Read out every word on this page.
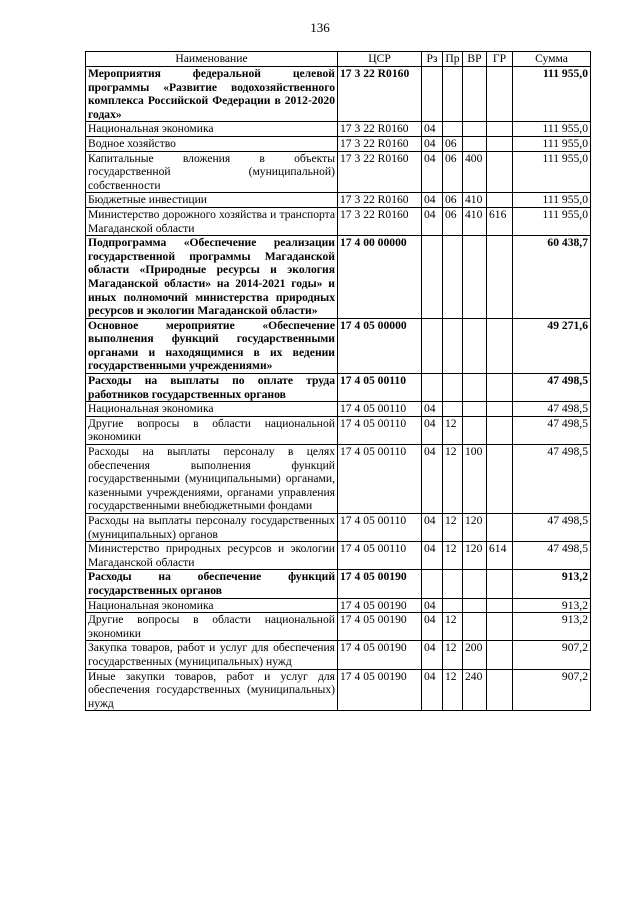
136
Наименование	ЦСР	Рз	Пр	ВР	ГР	Сумма
Мероприятия федеральной целевой программы «Развитие водохозяйственного комплекса Российской Федерации в 2012-2020 годах»	17 3 22 R0160					111 955,0
Национальная экономика	17 3 22 R0160	04				111 955,0
Водное хозяйство	17 3 22 R0160	04	06			111 955,0
Капитальные вложения в объекты государственной (муниципальной) собственности	17 3 22 R0160	04	06	400		111 955,0
Бюджетные инвестиции	17 3 22 R0160	04	06	410		111 955,0
Министерство дорожного хозяйства и транспорта Магаданской области	17 3 22 R0160	04	06	410	616	111 955,0
Подпрограмма «Обеспечение реализации государственной программы Магаданской области «Природные ресурсы и экология Магаданской области» на 2014-2021 годы» и иных полномочий министерства природных ресурсов и экологии Магаданской области»	17 4 00 00000					60 438,7
Основное мероприятие «Обеспечение выполнения функций государственными органами и находящимися в их ведении государственными учреждениями»	17 4 05 00000					49 271,6
Расходы на выплаты по оплате труда работников государственных органов	17 4 05 00110					47 498,5
Национальная экономика	17 4 05 00110	04				47 498,5
Другие вопросы в области национальной экономики	17 4 05 00110	04	12			47 498,5
Расходы на выплаты персоналу в целях обеспечения выполнения функций государственными (муниципальными) органами, казенными учреждениями, органами управления государственными внебюджетными фондами	17 4 05 00110	04	12	100		47 498,5
Расходы на выплаты персоналу государственных (муниципальных) органов	17 4 05 00110	04	12	120		47 498,5
Министерство природных ресурсов и экологии Магаданской области	17 4 05 00110	04	12	120	614	47 498,5
Расходы на обеспечение функций государственных органов	17 4 05 00190					913,2
Национальная экономика	17 4 05 00190	04				913,2
Другие вопросы в области национальной экономики	17 4 05 00190	04	12			913,2
Закупка товаров, работ и услуг для обеспечения государственных (муниципальных) нужд	17 4 05 00190	04	12	200		907,2
Иные закупки товаров, работ и услуг для обеспечения государственных (муниципальных) нужд	17 4 05 00190	04	12	240		907,2
